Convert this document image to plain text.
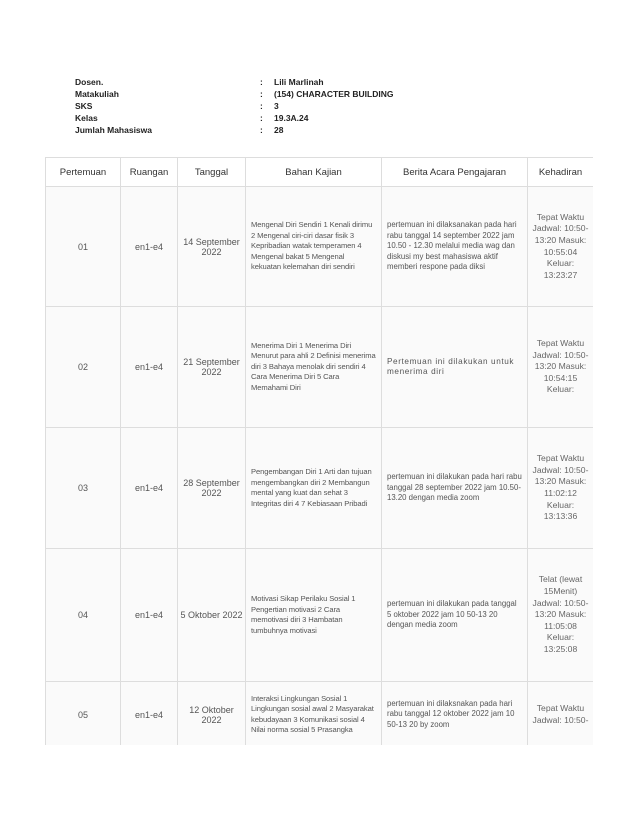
Dosen.	: Lili Marlinah
Matakuliah	: (154) CHARACTER BUILDING
SKS	: 3
Kelas	: 19.3A.24
Jumlah Mahasiswa	: 28
Pertemuan	Ruangan	Tanggal	Bahan Kajian	Berita Acara Pengajaran	Kehadiran
01	en1-e4	14 September 2022	Mengenal Diri Sendiri 1 Kenali dirimu 2 Mengenal ciri-ciri dasar fisik 3 Kepribadian watak temperamen 4 Mengenal bakat 5 Mengenal kekuatan kelemahan diri sendiri	pertemuan ini dilaksanakan pada hari rabu tanggal 14 september 2022 jam 10.50 - 12.30 melalui media wag dan diskusi my best mahasiswa aktif memberi respone pada diksi	Tepat Waktu Jadwal: 10:50-13:20 Masuk: 10:55:04 Keluar: 13:23:27
02	en1-e4	21 September 2022	Menerima Diri 1 Menerima Diri Menurut para ahli 2 Definisi menerima diri 3 Bahaya menolak diri sendiri 4 Cara Menerima Diri 5 Cara Memahami Diri	Pertemuan ini dilakukan untuk menerima diri	Tepat Waktu Jadwal: 10:50-13:20 Masuk: 10:54:15 Keluar:
03	en1-e4	28 September 2022	Pengembangan Diri 1 Arti dan tujuan mengembangkan diri 2 Membangun mental yang kuat dan sehat 3 Integritas diri 4 7 Kebiasaan Pribadi	pertemuan ini dilakukan pada hari rabu tanggal 28 september 2022 jam 10.50-13.20 dengan media zoom	Tepat Waktu Jadwal: 10:50-13:20 Masuk: 11:02:12 Keluar: 13:13:36
04	en1-e4	5 Oktober 2022	Motivasi Sikap Perilaku Sosial 1 Pengertian motivasi 2 Cara memotivasi diri 3 Hambatan tumbuhnya motivasi	pertemuan ini dilakukan pada tanggal 5 oktober 2022 jam 10 50-13 20 dengan media zoom	Telat (lewat 15Menit) Jadwal: 10:50-13:20 Masuk: 11:05:08 Keluar: 13:25:08
05	en1-e4	12 Oktober 2022	Interaksi Lingkungan Sosial 1 Lingkungan sosial awal 2 Masyarakat kebudayaan 3 Komunikasi sosial 4 Nilai norma sosial 5 Prasangka	pertemuan ini dilaksnakan pada hari rabu tanggal 12 oktober 2022 jam 10 50-13 20 by zoom	Tepat Waktu Jadwal: 10:50-
